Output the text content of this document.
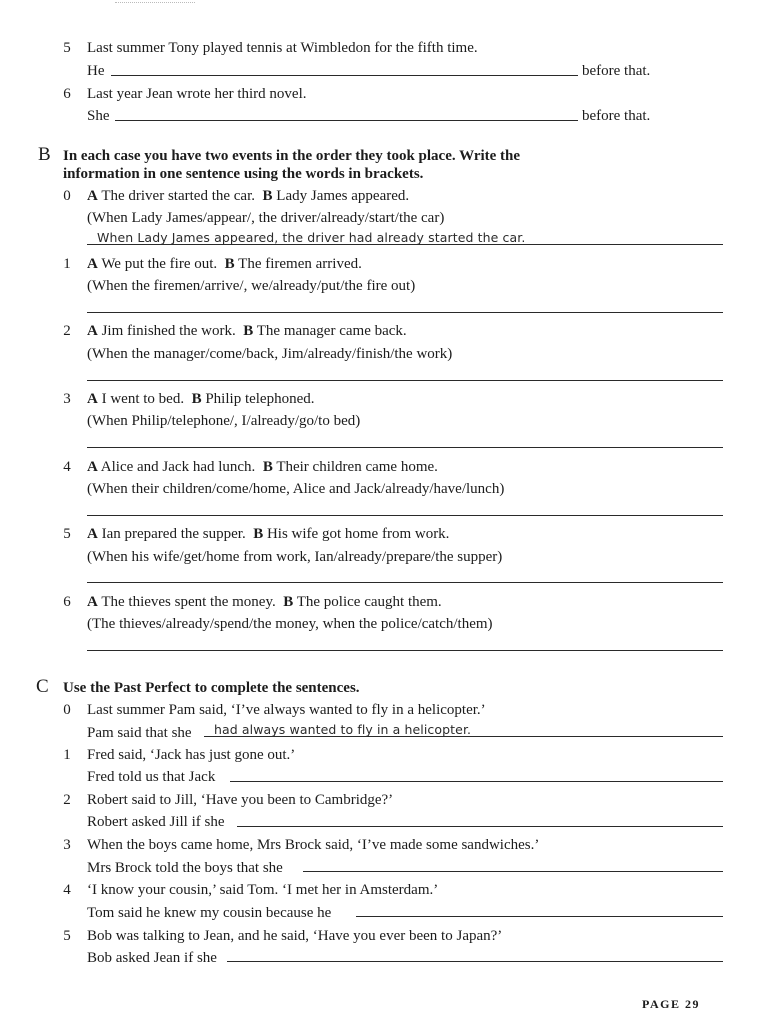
5 Last summer Tony played tennis at Wimbledon for the fifth time.
He	before that.
6 Last year Jean wrote her third novel.
She	before that.
B In each case you have two events in the order they took place. Write the
information in one sentence using the words in brackets.
0 A The driver started the car. B Lady James appeared.
(When Lady James/appear/, the driver/already/start/the car)
When Lady James appeared, the driver had already started the car.
1 A We put the fire out. B The firemen arrived.
(When the firemen/arrive/, we/already/put/the fire out)
2 A Jim finished the work. B The manager came back.
(When the manager/come/back, Jim/already/finish/the work)
3 A I went to bed. B Philip telephoned.
(When Philip/telephone/, I/already/go/to bed)
4 A Alice and Jack had lunch. B Their children came home.
(When their children/come/home, Alice and Jack/already/have/lunch)
5 A Ian prepared the supper. B His wife got home from work.
(When his wife/get/home from work, Ian/already/prepare/the supper)
6 A The thieves spent the money. B The police caught them.
(The thieves/already/spend/the money, when the police/catch/them)
C Use the Past Perfect to complete the sentences.
0 Last summer Pam said, ‘I’ve always wanted to fly in a helicopter.’
Pam said that she had always wanted to fly in a helicopter.
1 Fred said, ‘Jack has just gone out.’
Fred told us that Jack
2 Robert said to Jill, ‘Have you been to Cambridge?’
Robert asked Jill if she
3 When the boys came home, Mrs Brock said, ‘I’ve made some sandwiches.’
Mrs Brock told the boys that she
4 ‘I know your cousin,’ said Tom. ‘I met her in Amsterdam.’
Tom said he knew my cousin because he
5 Bob was talking to Jean, and he said, ‘Have you ever been to Japan?’
Bob asked Jean if she
PAGE 29
